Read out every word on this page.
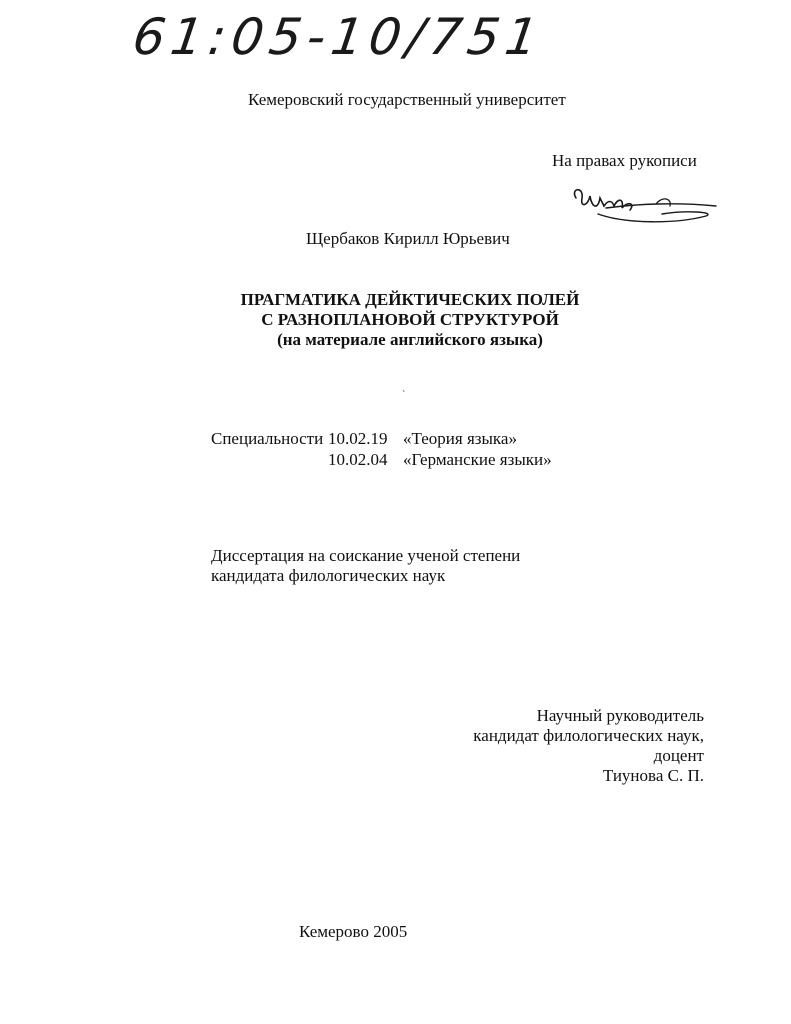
61:05-10/751
Кемеровский государственный университет
На правах рукописи
Щербаков Кирилл Юрьевич
ПРАГМАТИКА ДЕЙКТИЧЕСКИХ ПОЛЕЙ
С РАЗНОПЛАНОВОЙ СТРУКТУРОЙ
(на материале английского языка)
ˋ
Специальности 10.02.19 «Теория языка»
10.02.04 «Германские языки»
Диссертация на соискание ученой степени
кандидата филологических наук
Научный руководитель
кандидат филологических наук,
доцент
Тиунова С. П.
Кемерово 2005
